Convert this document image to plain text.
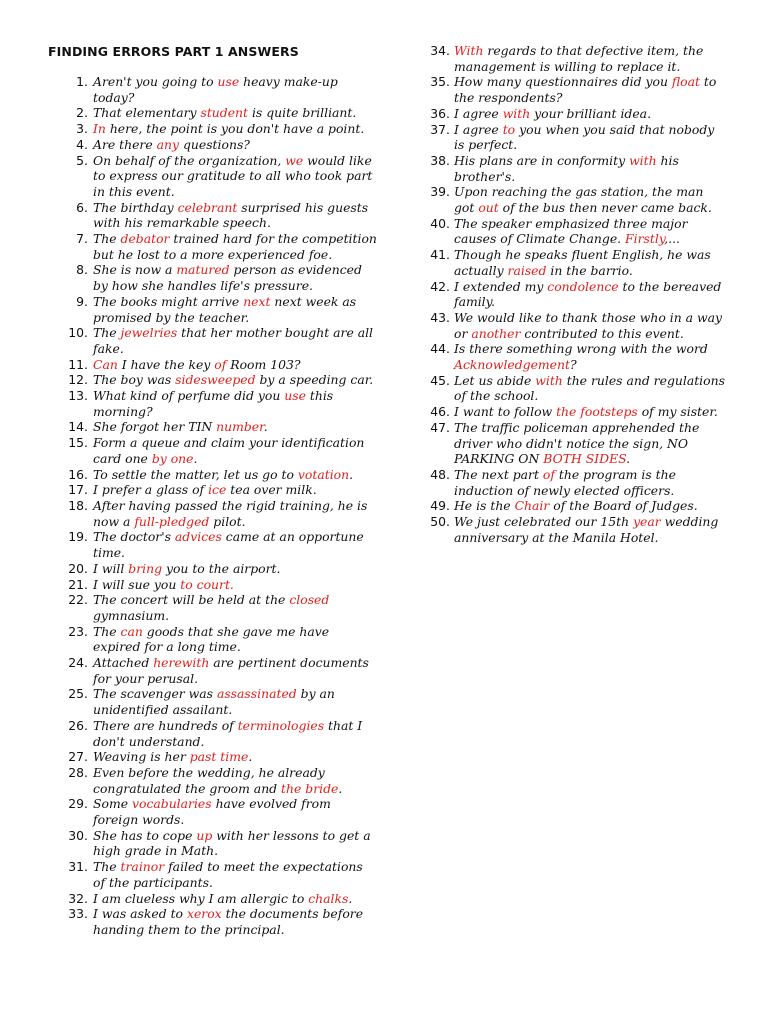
FINDING ERRORS PART 1 ANSWERS
1. Aren't you going to use heavy make-up today?
2. That elementary student is quite brilliant.
3. In here, the point is you don't have a point.
4. Are there any questions?
5. On behalf of the organization, we would like to express our gratitude to all who took part in this event.
6. The birthday celebrant surprised his guests with his remarkable speech.
7. The debator trained hard for the competition but he lost to a more experienced foe.
8. She is now a matured person as evidenced by how she handles life's pressure.
9. The books might arrive next next week as promised by the teacher.
10. The jewelries that her mother bought are all fake.
11. Can I have the key of Room 103?
12. The boy was sidesweeped by a speeding car.
13. What kind of perfume did you use this morning?
14. She forgot her TIN number.
15. Form a queue and claim your identification card one by one.
16. To settle the matter, let us go to votation.
17. I prefer a glass of ice tea over milk.
18. After having passed the rigid training, he is now a full-pledged pilot.
19. The doctor's advices came at an opportune time.
20. I will bring you to the airport.
21. I will sue you to court.
22. The concert will be held at the closed gymnasium.
23. The can goods that she gave me have expired for a long time.
24. Attached herewith are pertinent documents for your perusal.
25. The scavenger was assassinated by an unidentified assailant.
26. There are hundreds of terminologies that I don't understand.
27. Weaving is her past time.
28. Even before the wedding, he already congratulated the groom and the bride.
29. Some vocabularies have evolved from foreign words.
30. She has to cope up with her lessons to get a high grade in Math.
31. The trainor failed to meet the expectations of the participants.
32. I am clueless why I am allergic to chalks.
33. I was asked to xerox the documents before handing them to the principal.
34. With regards to that defective item, the management is willing to replace it.
35. How many questionnaires did you float to the respondents?
36. I agree with your brilliant idea.
37. I agree to you when you said that nobody is perfect.
38. His plans are in conformity with his brother's.
39. Upon reaching the gas station, the man got out of the bus then never came back.
40. The speaker emphasized three major causes of Climate Change. Firstly,...
41. Though he speaks fluent English, he was actually raised in the barrio.
42. I extended my condolence to the bereaved family.
43. We would like to thank those who in a way or another contributed to this event.
44. Is there something wrong with the word Acknowledgement?
45. Let us abide with the rules and regulations of the school.
46. I want to follow the footsteps of my sister.
47. The traffic policeman apprehended the driver who didn't notice the sign, NO PARKING ON BOTH SIDES.
48. The next part of the program is the induction of newly elected officers.
49. He is the Chair of the Board of Judges.
50. We just celebrated our 15th year wedding anniversary at the Manila Hotel.
